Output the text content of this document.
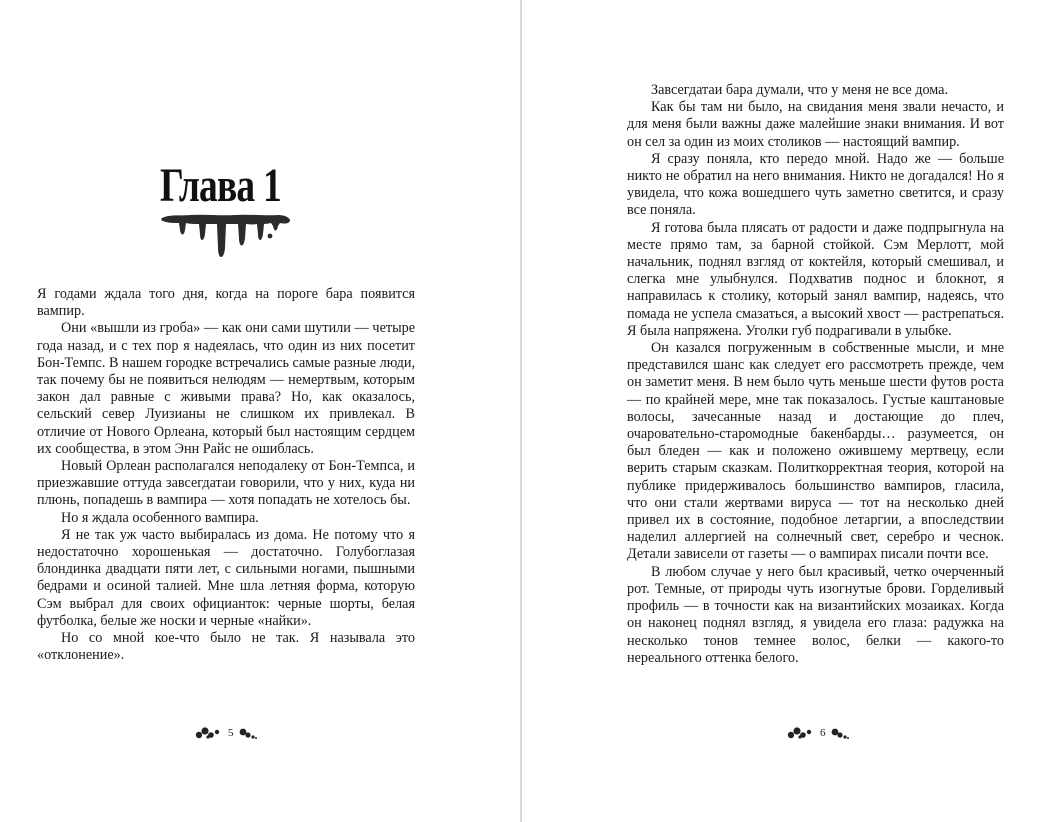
Глава 1

Я годами ждала того дня, когда на пороге бара появится вампир.

Они «вышли из гроба» — как они сами шутили — четыре года назад, и с тех пор я надеялась, что один из них посетит Бон-Темпс. В нашем городке встречались самые разные люди, так почему бы не появиться нелюдям — немертвым, которым закон дал равные с живыми права? Но, как оказалось, сельский север Луизианы не слишком их привлекал. В отличие от Нового Орлеана, который был настоящим сердцем их сообщества, в этом Энн Райс не ошиблась.

Новый Орлеан располагался неподалеку от Бон-Темпса, и приезжавшие оттуда завсегдатаи говорили, что у них, куда ни плюнь, попадешь в вампира — хотя попадать не хотелось бы.

Но я ждала особенного вампира.

Я не так уж часто выбиралась из дома. Не потому что я недостаточно хорошенькая — достаточно. Голубоглазая блондинка двадцати пяти лет, с сильными ногами, пышными бедрами и осиной талией. Мне шла летняя форма, которую Сэм выбрал для своих официанток: черные шорты, белая футболка, белые же носки и черные «найки».

Но со мной кое-что было не так. Я называла это «отклонение».

5

Завсегдатаи бара думали, что у меня не все дома.

Как бы там ни было, на свидания меня звали нечасто, и для меня были важны даже малейшие знаки внимания. И вот он сел за один из моих столиков — настоящий вампир.

Я сразу поняла, кто передо мной. Надо же — больше никто не обратил на него внимания. Никто не догадался! Но я увидела, что кожа вошедшего чуть заметно светится, и сразу все поняла.

Я готова была плясать от радости и даже подпрыгнула на месте прямо там, за барной стойкой. Сэм Мерлотт, мой начальник, поднял взгляд от коктейля, который смешивал, и слегка мне улыбнулся. Подхватив поднос и блокнот, я направилась к столику, который занял вампир, надеясь, что помада не успела смазаться, а высокий хвост — растрепаться. Я была напряжена. Уголки губ подрагивали в улыбке.

Он казался погруженным в собственные мысли, и мне представился шанс как следует его рассмотреть прежде, чем он заметит меня. В нем было чуть меньше шести футов роста — по крайней мере, мне так показалось. Густые каштановые волосы, зачесанные назад и достающие до плеч, очаровательно-старомодные бакенбарды… разумеется, он был бледен — как и положено ожившему мертвецу, если верить старым сказкам. Политкорректная теория, которой на публике придерживалось большинство вампиров, гласила, что они стали жертвами вируса — тот на несколько дней привел их в состояние, подобное летаргии, а впоследствии наделил аллергией на солнечный свет, серебро и чеснок. Детали зависели от газеты — о вампирах писали почти все.

В любом случае у него был красивый, четко очерченный рот. Темные, от природы чуть изогнутые брови. Горделивый профиль — в точности как на византийских мозаиках. Когда он наконец поднял взгляд, я увидела его глаза: радужка на несколько тонов темнее волос, белки — какого-то нереального оттенка белого.

6
